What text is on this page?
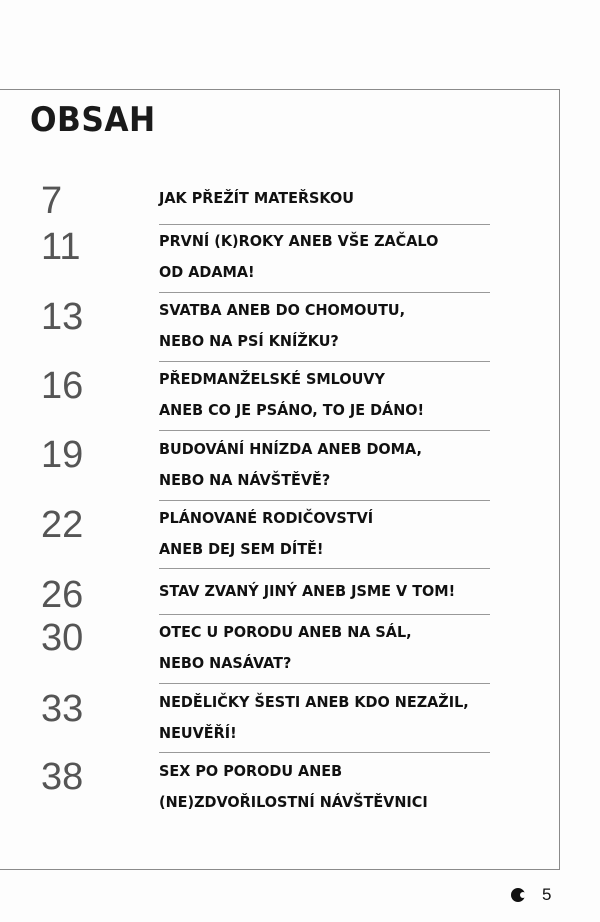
OBSAH
7	JAK PŘEŽÍT MATEŘSKOU
11	PRVNÍ (K)ROKY ANEB VŠE ZAČALO
OD ADAMA!
13	SVATBA ANEB DO CHOMOUTU,
NEBO NA PSÍ KNÍŽKU?
16	PŘEDMANŽELSKÉ SMLOUVY
ANEB CO JE PSÁNO, TO JE DÁNO!
19	BUDOVÁNÍ HNÍZDA ANEB DOMA,
NEBO NA NÁVŠTĚVĚ?
22	PLÁNOVANÉ RODIČOVSTVÍ
ANEB DEJ SEM DÍTĚ!
26	STAV ZVANÝ JINÝ ANEB JSME V TOM!
30	OTEC U PORODU ANEB NA SÁL,
NEBO NASÁVAT?
33	NEDĚLIČKY ŠESTI ANEB KDO NEZAŽIL,
NEUVĚŘÍ!
38	SEX PO PORODU ANEB
(NE)ZDVOŘILOSTNÍ NÁVŠTĚVNICI
5
